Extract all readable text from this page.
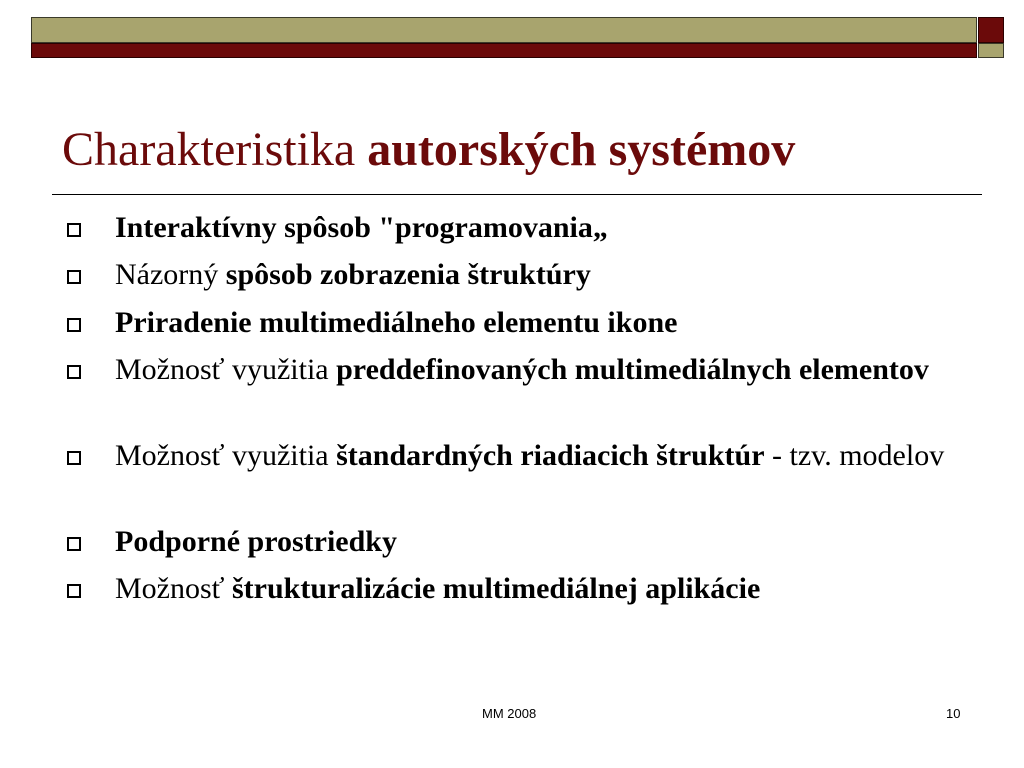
Charakteristika autorských systémov
Interaktívny spôsob "programovania„
Názorný spôsob zobrazenia štruktúry
Priradenie multimediálneho elementu ikone
Možnosť využitia preddefinovaných multimediálnych elementov
Možnosť využitia štandardných riadiacich štruktúr - tzv. modelov
Podporné prostriedky
Možnosť štrukturalizácie multimediálnej aplikácie
MM 2008	10
